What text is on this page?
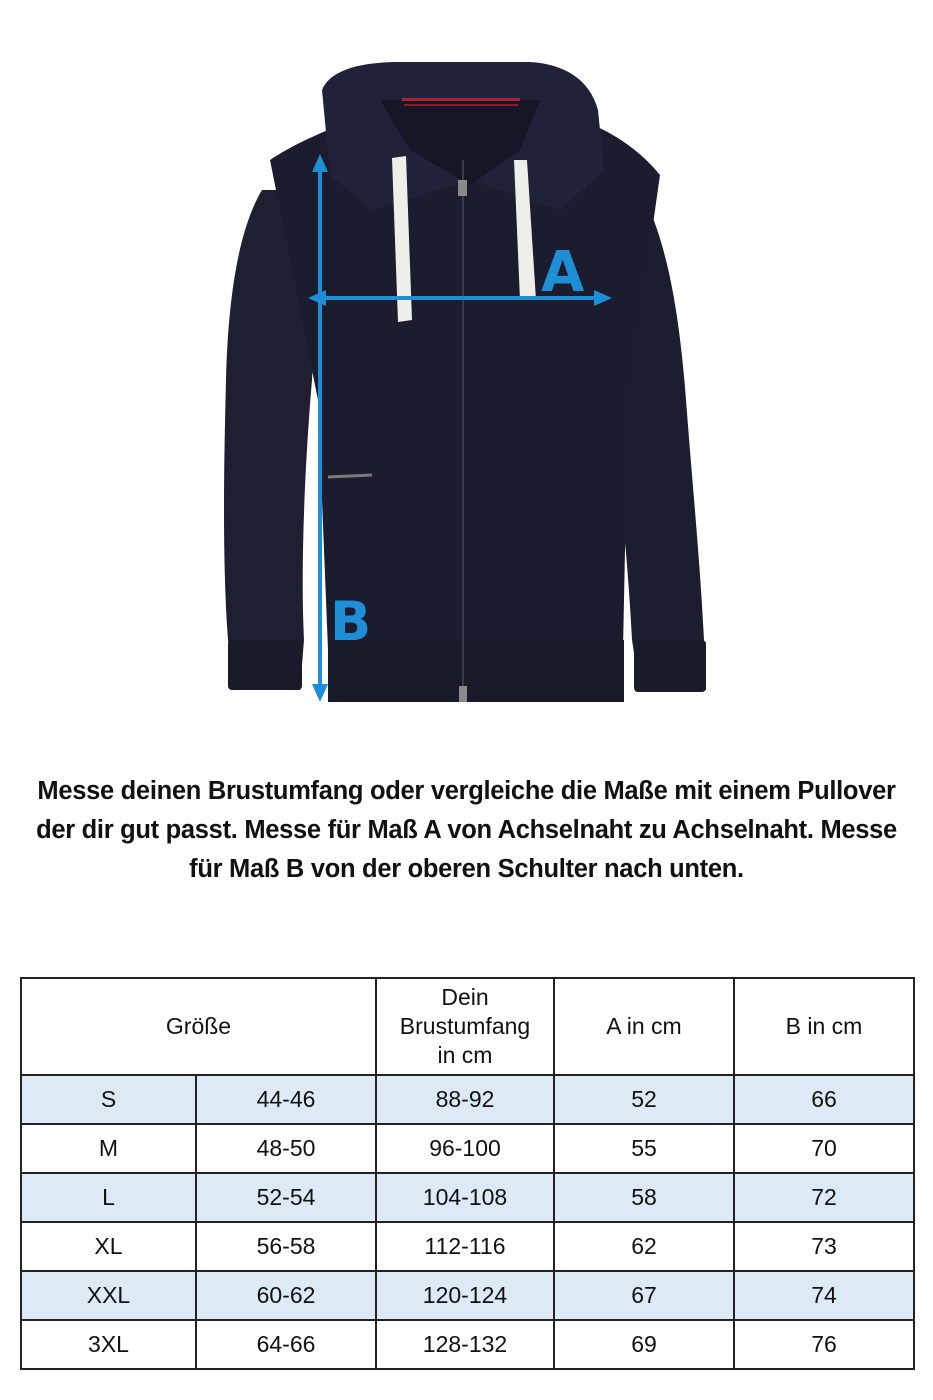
A
B

Messe deinen Brustumfang oder vergleiche die Maße mit einem Pullover der dir gut passt. Messe für Maß A von Achselnaht zu Achselnaht. Messe für Maß B von der oberen Schulter nach unten.

Größe		Dein Brustumfang in cm	A in cm	B in cm
S	44-46	88-92	52	66
M	48-50	96-100	55	70
L	52-54	104-108	58	72
XL	56-58	112-116	62	73
XXL	60-62	120-124	67	74
3XL	64-66	128-132	69	76
